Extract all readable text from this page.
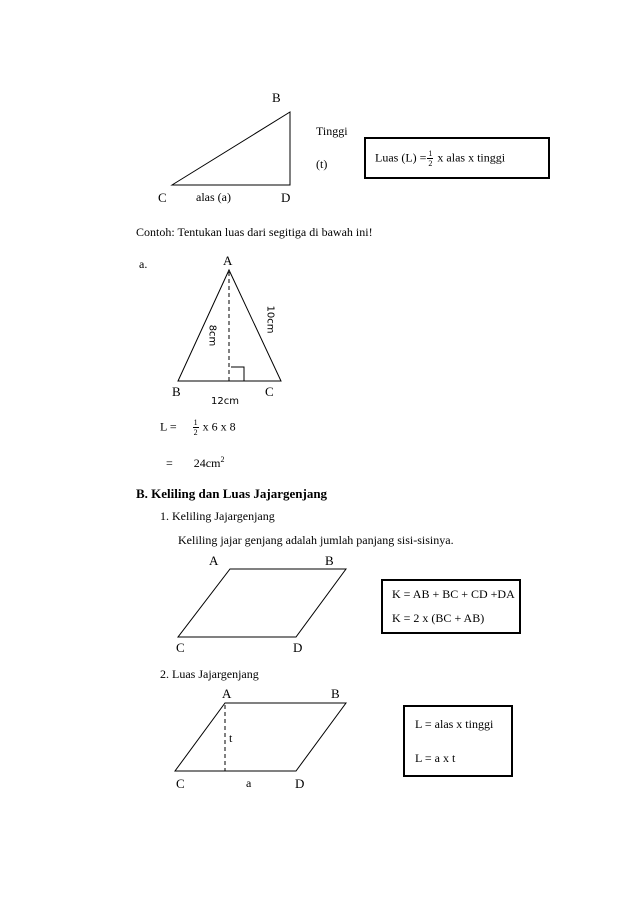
B
C	D
alas (a)
Tinggi
(t)	Luas $(L) = \frac{1}{2}$ x alas x tinggi
Contoh: Tentukan luas dari segitiga di bawah ini!
a.	A
B	C
8cm
10cm
12cm
$L = \frac{1}{2}$ x 6 x 8
= $24cm^2$
B. Keliling dan Luas Jajargenjang
1. Keliling Jajargenjang
Keliling jajar genjang adalah jumlah panjang sisi-sisinya.
A	B
C	D
K = AB + BC + CD +DA
K = 2 x (BC + AB)
2. Luas Jajargenjang
A	B
C	D
t
a
L = alas x tinggi
L = a x t
